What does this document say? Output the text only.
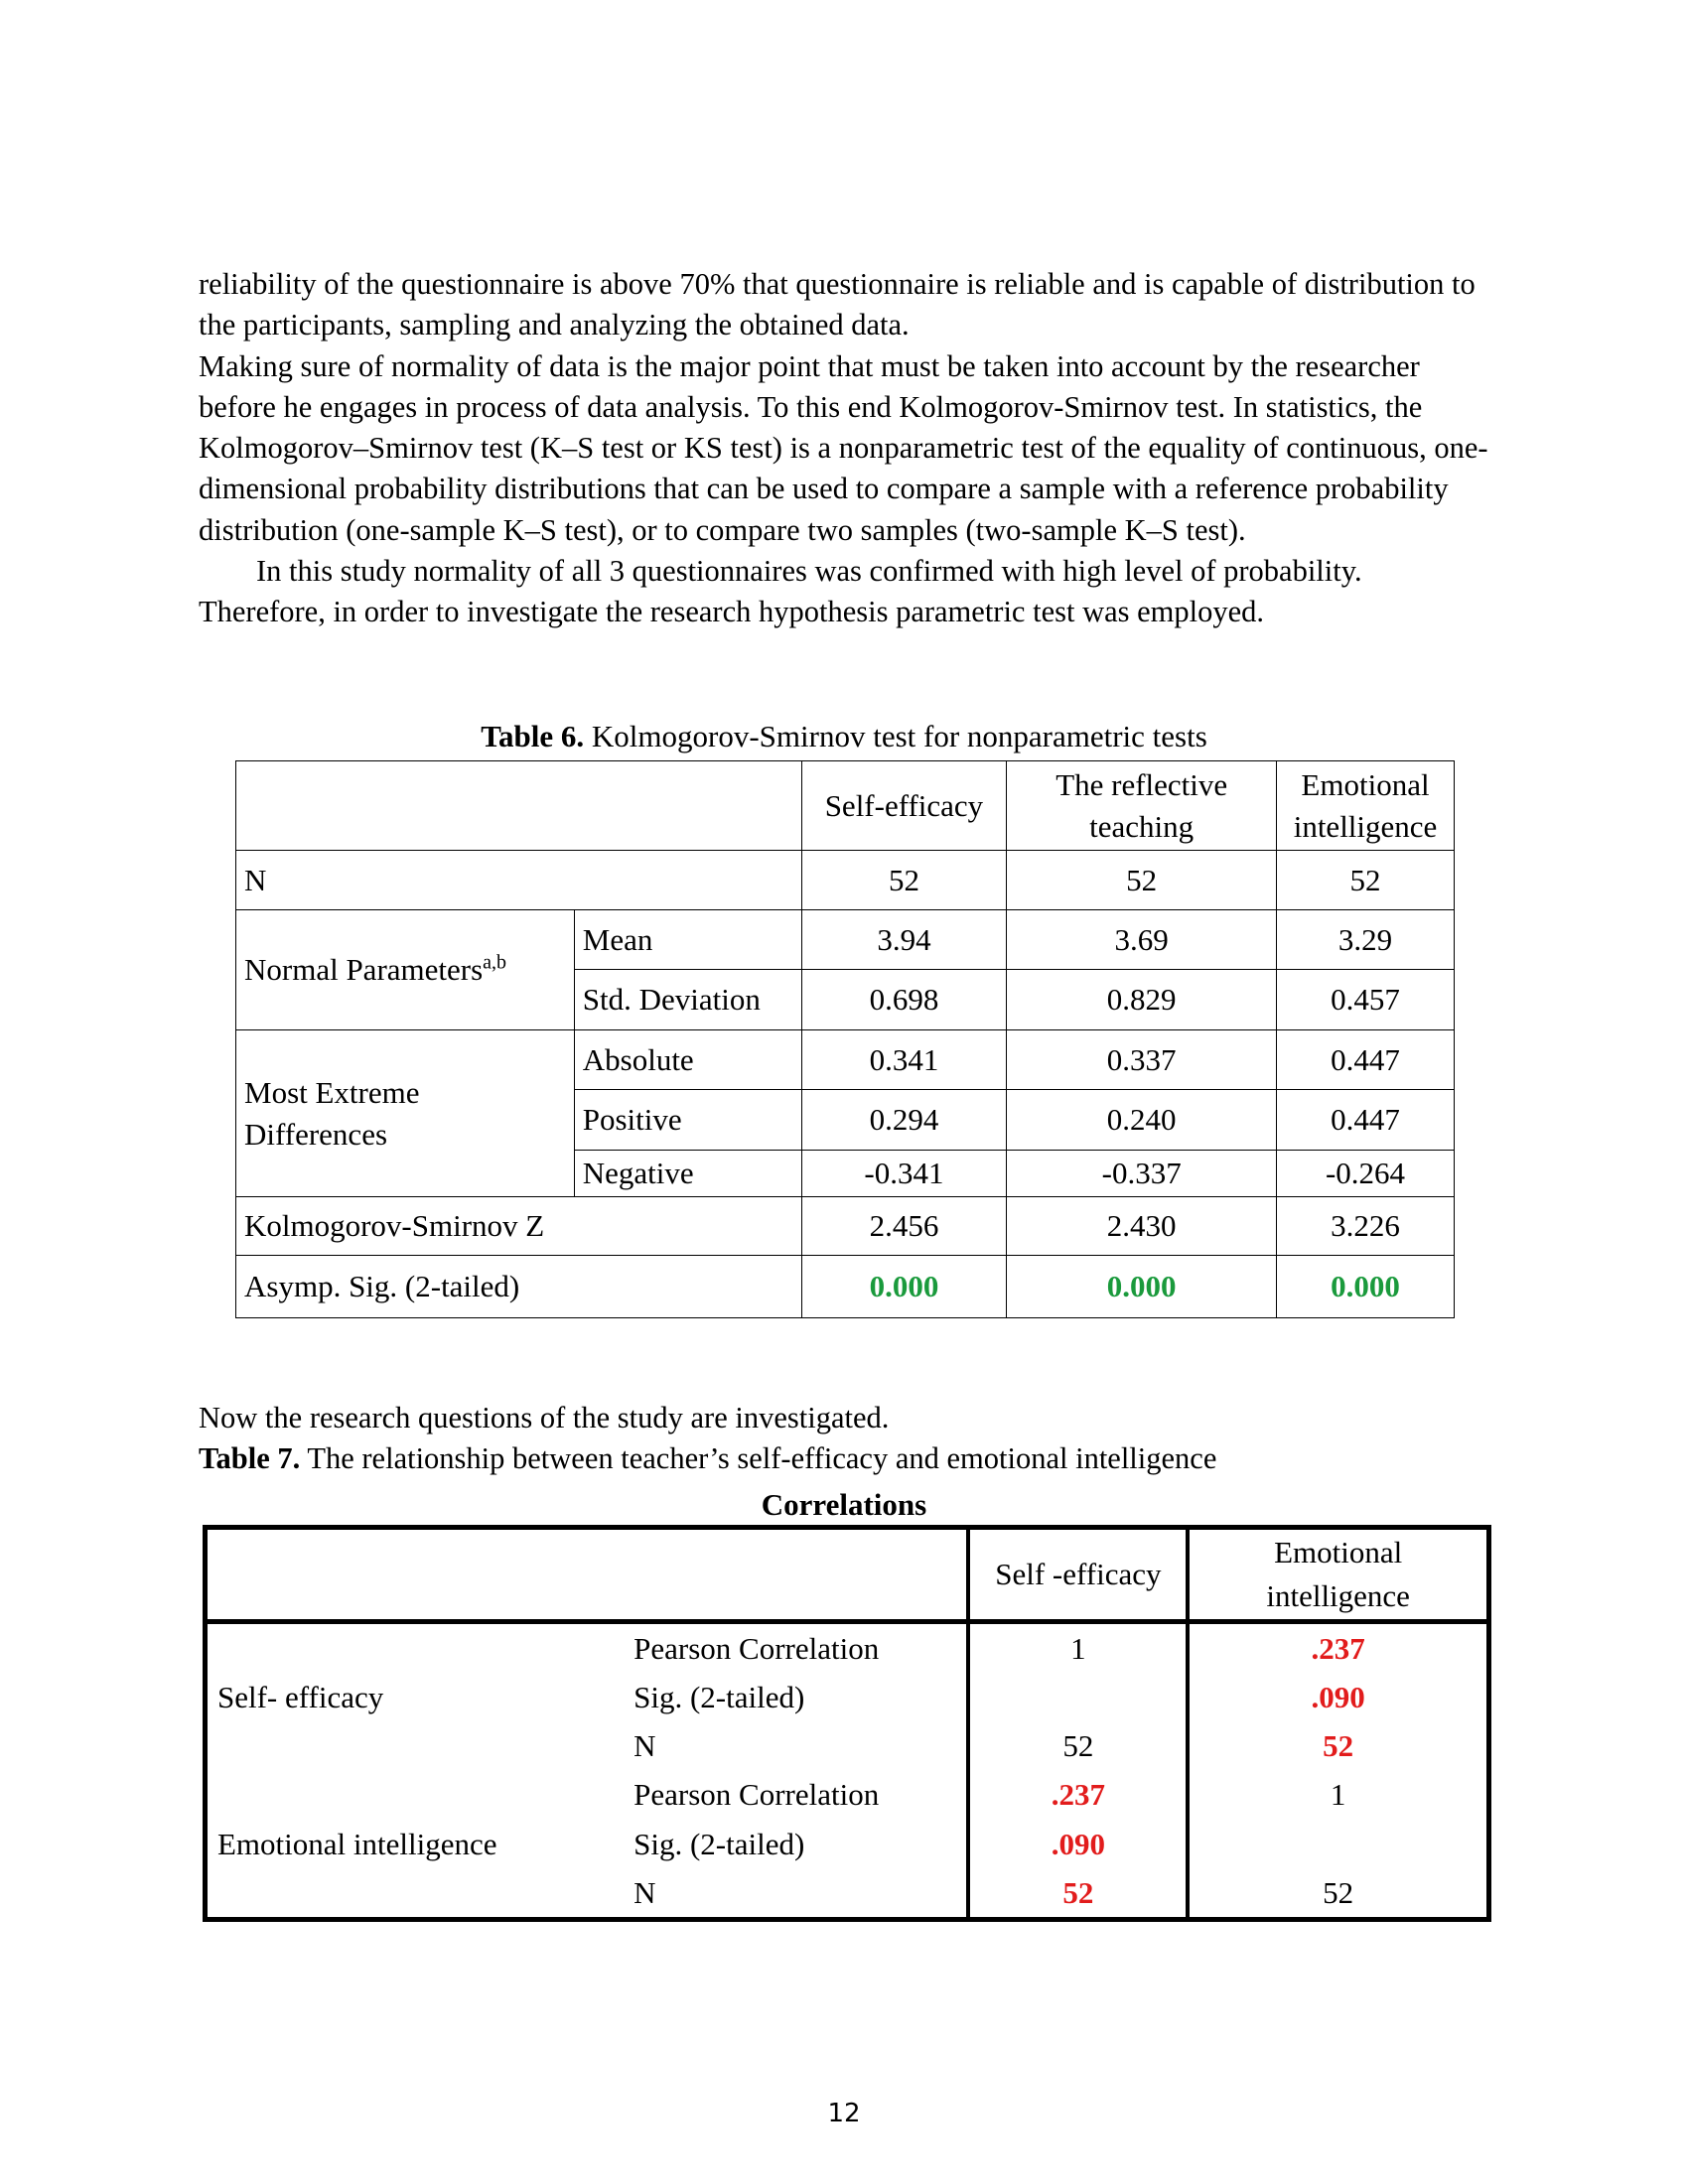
reliability of the questionnaire is above 70% that questionnaire is reliable and is capable of distribution to the participants, sampling and analyzing the obtained data.

Making sure of normality of data is the major point that must be taken into account by the researcher before he engages in process of data analysis. To this end Kolmogorov-Smirnov test. In statistics, the Kolmogorov–Smirnov test (K–S test or KS test) is a nonparametric test of the equality of continuous, one-dimensional probability distributions that can be used to compare a sample with a reference probability distribution (one-sample K–S test), or to compare two samples (two-sample K–S test).

In this study normality of all 3 questionnaires was confirmed with high level of probability. Therefore, in order to investigate the research hypothesis parametric test was employed.

Table 6. Kolmogorov-Smirnov test for nonparametric tests
		Self-efficacy	The reflective teaching	Emotional intelligence
N		52	52	52
Normal Parameters$^{a,b}$	Mean	3.94	3.69	3.29
	Std. Deviation	0.698	0.829	0.457
Most Extreme Differences	Absolute	0.341	0.337	0.447
	Positive	0.294	0.240	0.447
	Negative	-0.341	-0.337	-0.264
Kolmogorov-Smirnov Z		2.456	2.430	3.226
Asymp. Sig. (2-tailed)		0.000	0.000	0.000

Now the research questions of the study are investigated.

Table 7. The relationship between teacher’s self-efficacy and emotional intelligence

Correlations
		Self -efficacy	Emotional intelligence
Self- efficacy	Pearson Correlation	1	.237
	Sig. (2-tailed)		.090
	N	52	52
Emotional intelligence	Pearson Correlation	.237	1
	Sig. (2-tailed)	.090	
	N	52	52
12
